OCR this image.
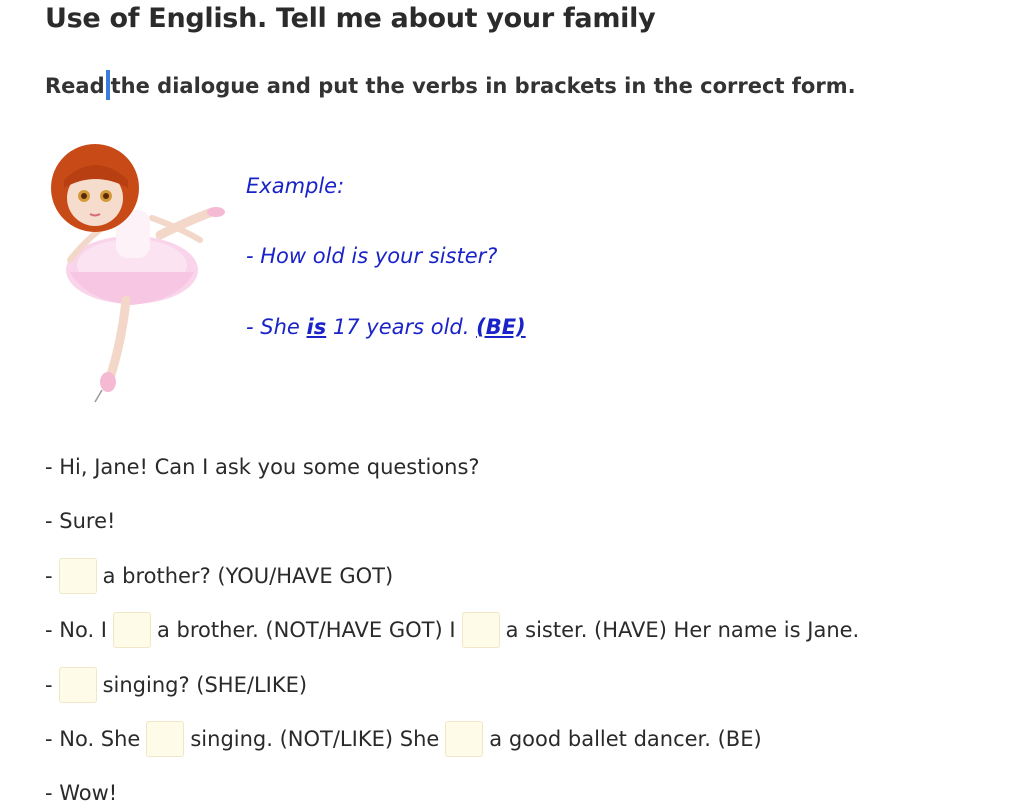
Use of English. Tell me about your family
Read the dialogue and put the verbs in brackets in the correct form.
Example:
- How old is your sister?
- She is 17 years old. (BE)
- Hi, Jane! Can I ask you some questions?
- Sure!
- a brother? (YOU/HAVE GOT)
- No. I a brother. (NOT/HAVE GOT) I a sister. (HAVE) Her name is Jane.
- singing? (SHE/LIKE)
- No. She singing. (NOT/LIKE) She a good ballet dancer. (BE)
- Wow!
